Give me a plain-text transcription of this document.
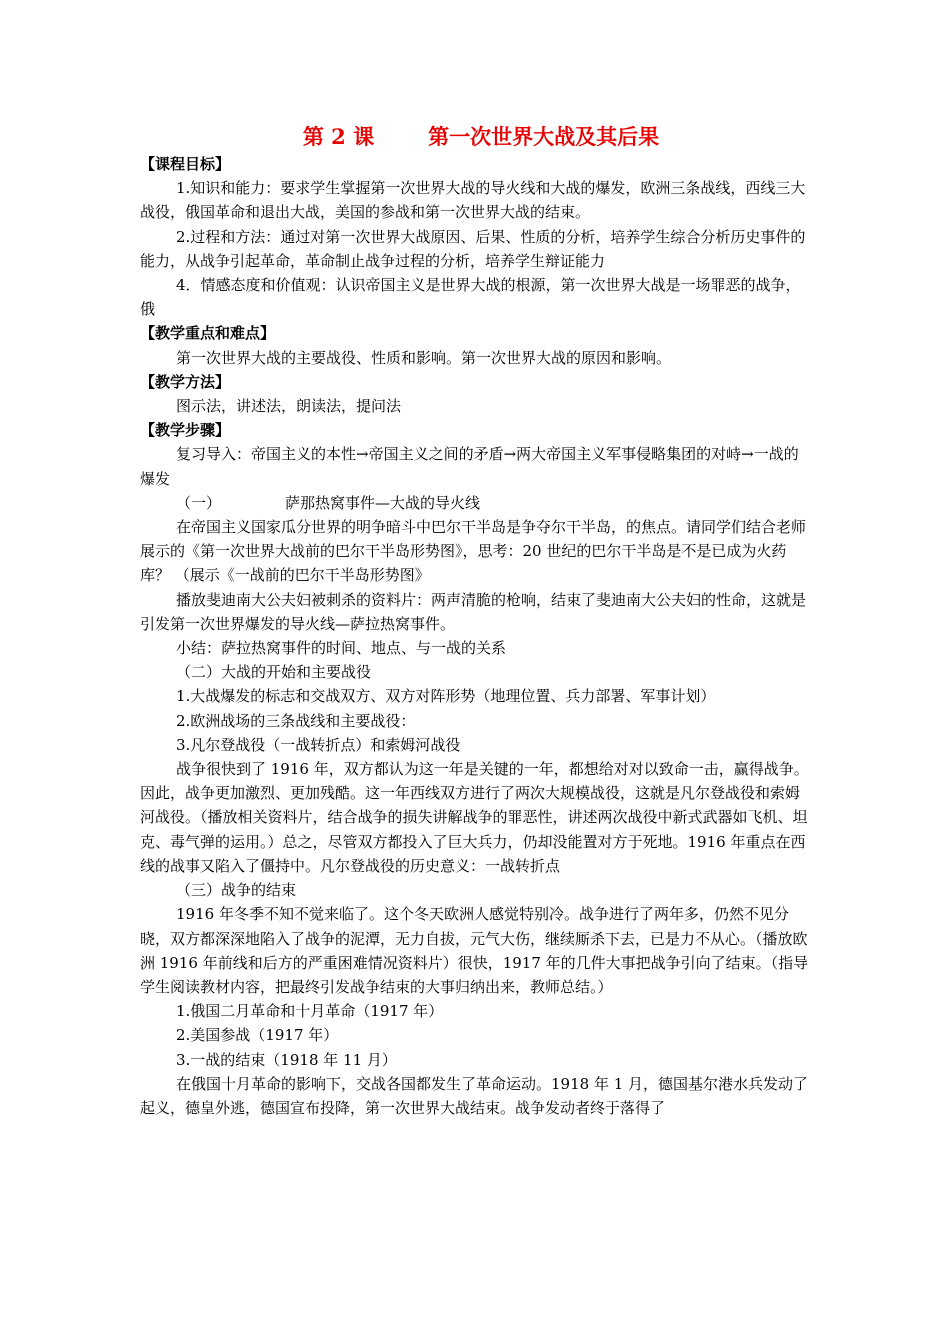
第 2 课	第一次世界大战及其后果

【课程目标】

1.知识和能力：要求学生掌握第一次世界大战的导火线和大战的爆发，欧洲三条战线，西线三大战役，俄国革命和退出大战，美国的参战和第一次世界大战的结束。

2.过程和方法：通过对第一次世界大战原因、后果、性质的分析，培养学生综合分析历史事件的能力，从战争引起革命，革命制止战争过程的分析，培养学生辩证能力

4．情感态度和价值观：认识帝国主义是世界大战的根源，第一次世界大战是一场罪恶的战争，俄

【教学重点和难点】

第一次世界大战的主要战役、性质和影响。第一次世界大战的原因和影响。

【教学方法】

图示法，讲述法，朗读法，提问法

【教学步骤】

复习导入：帝国主义的本性→帝国主义之间的矛盾→两大帝国主义军事侵略集团的对峙→一战的爆发

（一）	萨那热窝事件—大战的导火线

在帝国主义国家瓜分世界的明争暗斗中巴尔干半岛是争夺尔干半岛，的焦点。请同学们结合老师展示的《第一次世界大战前的巴尔干半岛形势图》，思考：20 世纪的巴尔干半岛是不是已成为火药库？ （展示《一战前的巴尔干半岛形势图》

播放斐迪南大公夫妇被刺杀的资料片：两声清脆的枪响，结束了斐迪南大公夫妇的性命，这就是引发第一次世界爆发的导火线—萨拉热窝事件。

小结：萨拉热窝事件的时间、地点、与一战的关系

（二）大战的开始和主要战役

1.大战爆发的标志和交战双方、双方对阵形势（地理位置、兵力部署、军事计划）

2.欧洲战场的三条战线和主要战役：

3.凡尔登战役（一战转折点）和索姆河战役

战争很快到了 1916 年，双方都认为这一年是关键的一年，都想给对对以致命一击，赢得战争。因此，战争更加激烈、更加残酷。这一年西线双方进行了两次大规模战役，这就是凡尔登战役和索姆河战役。（播放相关资料片，结合战争的损失讲解战争的罪恶性，讲述两次战役中新式武器如飞机、坦克、毒气弹的运用。）总之，尽管双方都投入了巨大兵力，仍却没能置对方于死地。1916 年重点在西线的战事又陷入了僵持中。凡尔登战役的历史意义：一战转折点

（三）战争的结束

1916 年冬季不知不觉来临了。这个冬天欧洲人感觉特别冷。战争进行了两年多，仍然不见分晓，双方都深深地陷入了战争的泥潭，无力自拔，元气大伤，继续厮杀下去，已是力不从心。（播放欧洲 1916 年前线和后方的严重困难情况资料片）很快，1917 年的几件大事把战争引向了结束。（指导学生阅读教材内容，把最终引发战争结束的大事归纳出来，教师总结。）

1.俄国二月革命和十月革命（1917 年）

2.美国参战（1917 年）

3.一战的结束（1918 年 11 月）

在俄国十月革命的影响下，交战各国都发生了革命运动。1918 年 1 月，德国基尔港水兵发动了起义，德皇外逃，德国宣布投降，第一次世界大战结束。战争发动者终于落得了
